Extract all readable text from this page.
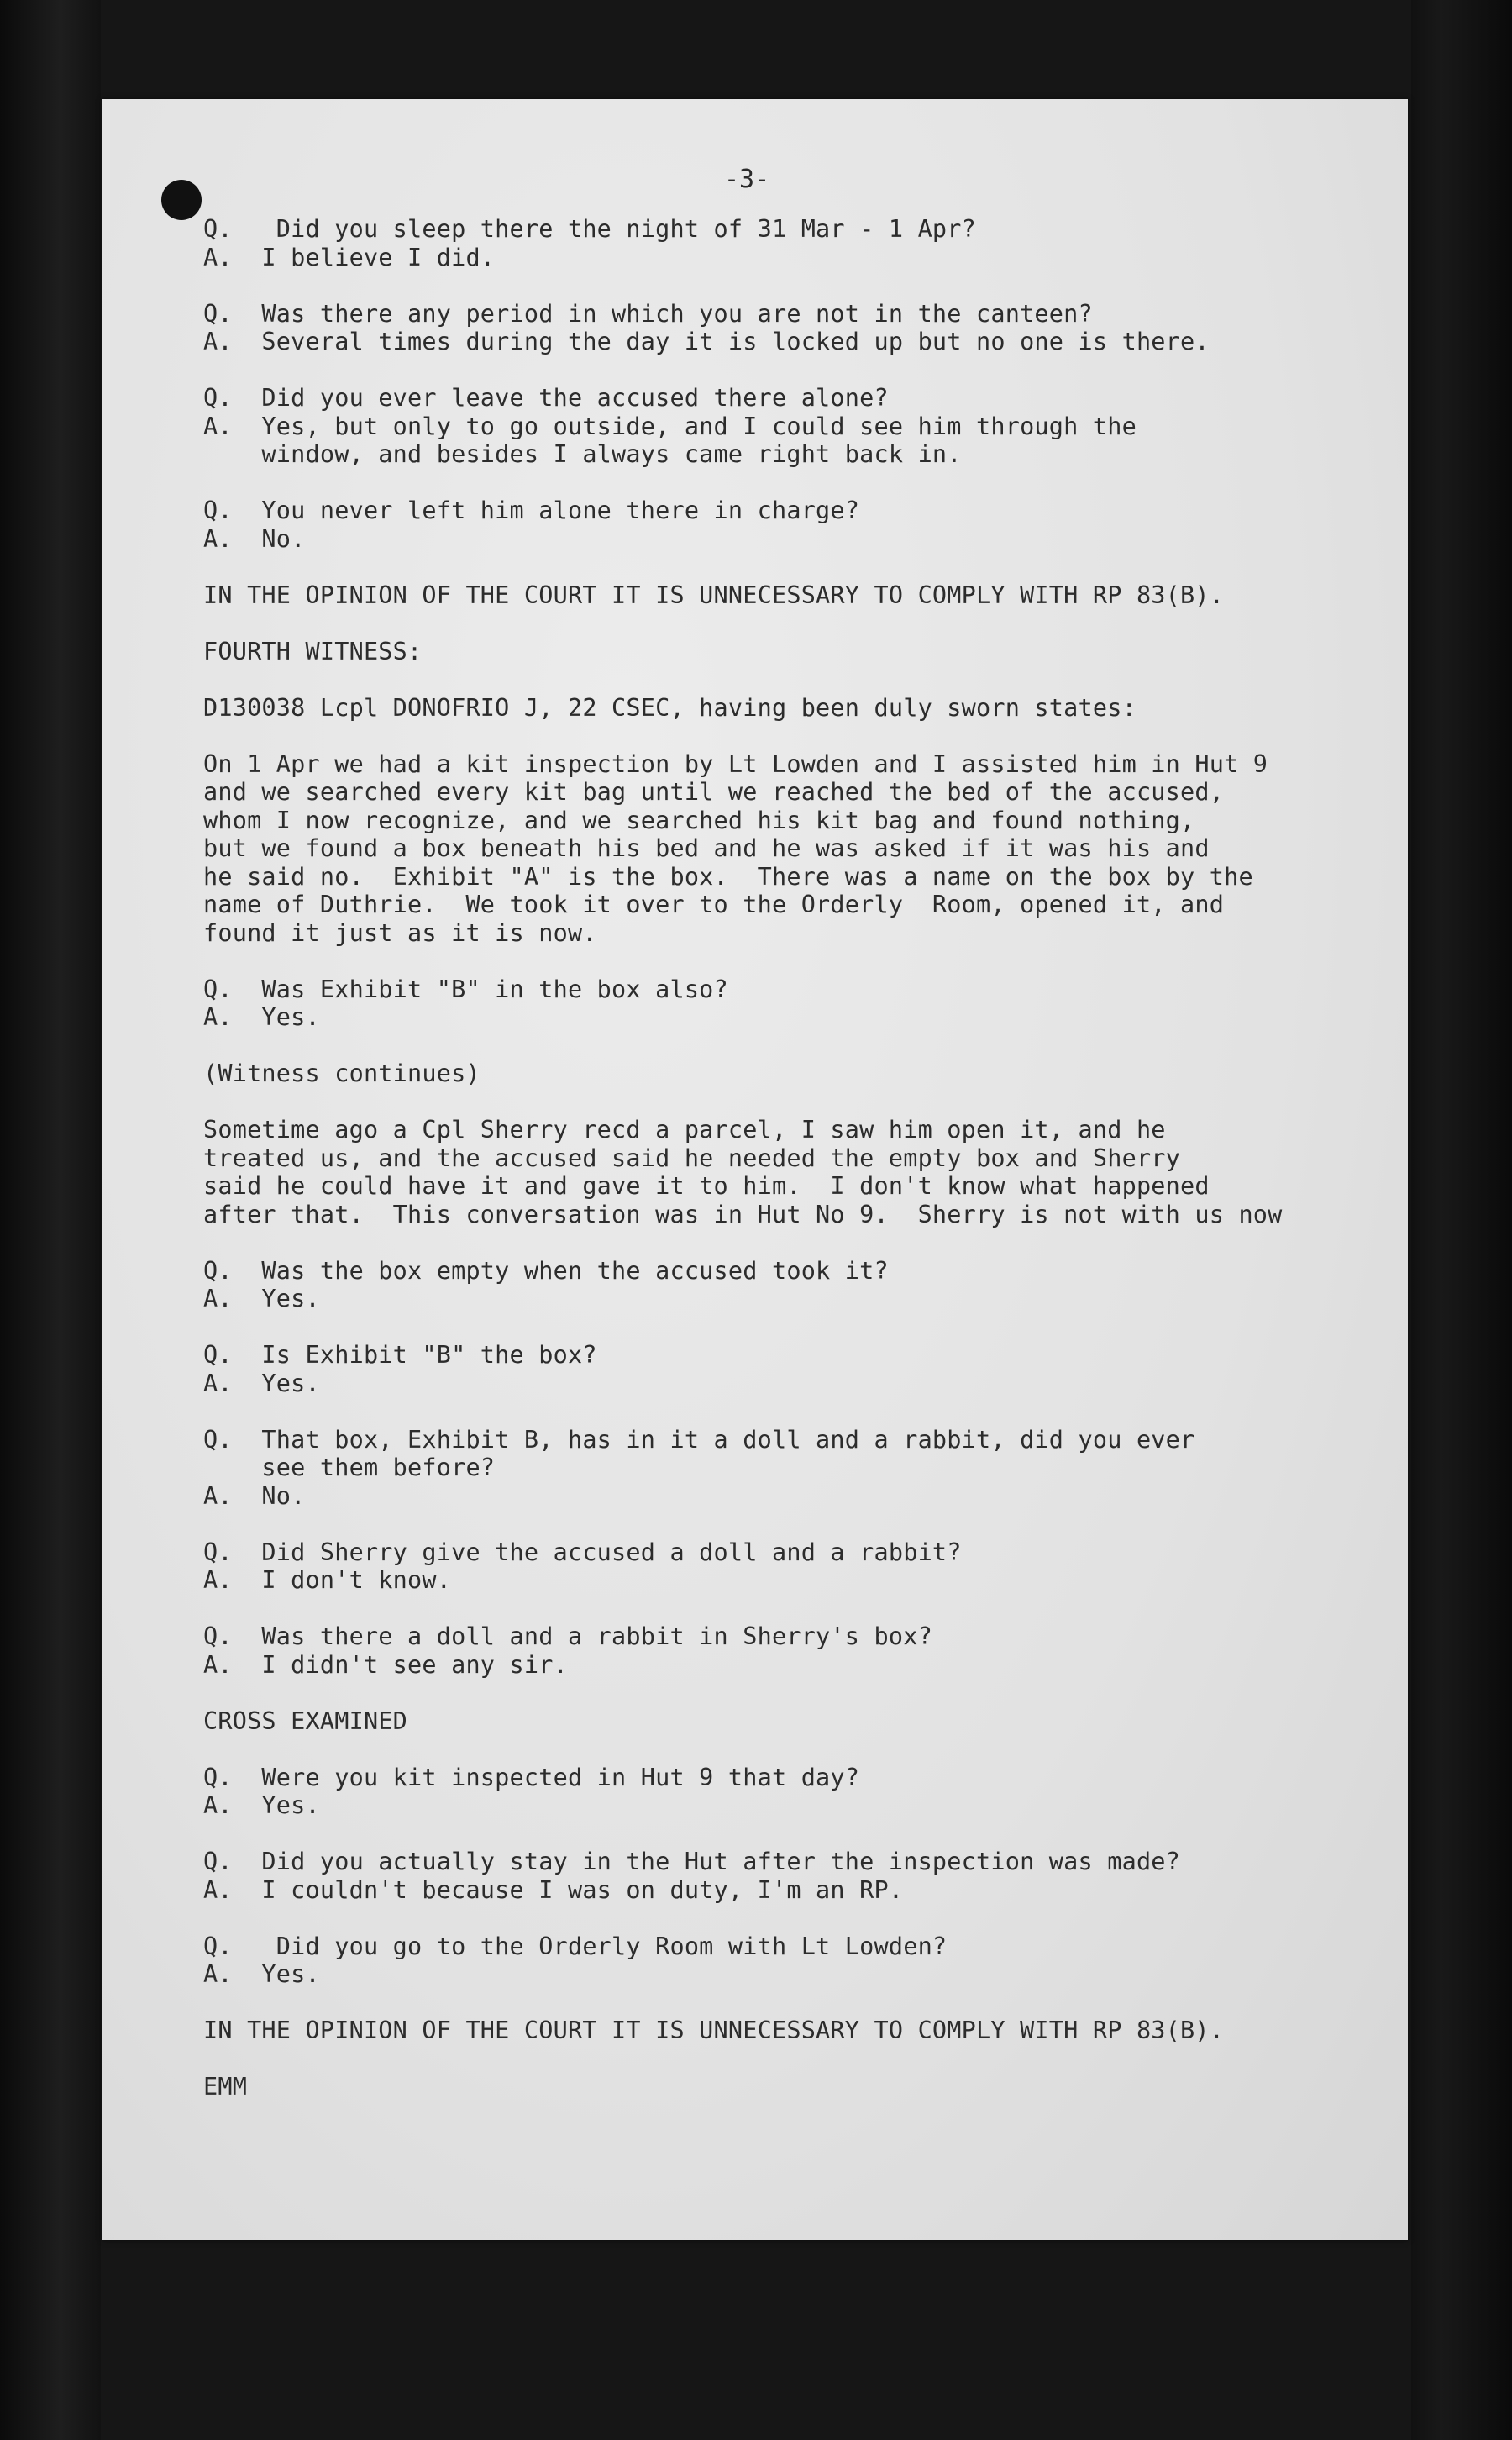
-3-
Q.   Did you sleep there the night of 31 Mar - 1 Apr?
A.  I believe I did.
Q.  Was there any period in which you are not in the canteen?
A.  Several times during the day it is locked up but no one is there.
Q.  Did you ever leave the accused there alone?
A.  Yes, but only to go outside, and I could see him through the
window, and besides I always came right back in.
Q.  You never left him alone there in charge?
A.  No.
IN THE OPINION OF THE COURT IT IS UNNECESSARY TO COMPLY WITH RP 83(B).
FOURTH WITNESS:
D130038 Lcpl DONOFRIO J, 22 CSEC, having been duly sworn states:
On 1 Apr we had a kit inspection by Lt Lowden and I assisted him in Hut 9
and we searched every kit bag until we reached the bed of the accused,
whom I now recognize, and we searched his kit bag and found nothing,
but we found a box beneath his bed and he was asked if it was his and
he said no.  Exhibit "A" is the box.  There was a name on the box by the
name of Duthrie.  We took it over to the Orderly  Room, opened it, and
found it just as it is now.
Q.  Was Exhibit "B" in the box also?
A.  Yes.
(Witness continues)
Sometime ago a Cpl Sherry recd a parcel, I saw him open it, and he
treated us, and the accused said he needed the empty box and Sherry
said he could have it and gave it to him.  I don't know what happened
after that.  This conversation was in Hut No 9.  Sherry is not with us now
Q.  Was the box empty when the accused took it?
A.  Yes.
Q.  Is Exhibit "B" the box?
A.  Yes.
Q.  That box, Exhibit B, has in it a doll and a rabbit, did you ever
see them before?
A.  No.
Q.  Did Sherry give the accused a doll and a rabbit?
A.  I don't know.
Q.  Was there a doll and a rabbit in Sherry's box?
A.  I didn't see any sir.
CROSS EXAMINED
Q.  Were you kit inspected in Hut 9 that day?
A.  Yes.
Q.  Did you actually stay in the Hut after the inspection was made?
A.  I couldn't because I was on duty, I'm an RP.
Q.   Did you go to the Orderly Room with Lt Lowden?
A.  Yes.
IN THE OPINION OF THE COURT IT IS UNNECESSARY TO COMPLY WITH RP 83(B).
EMM
